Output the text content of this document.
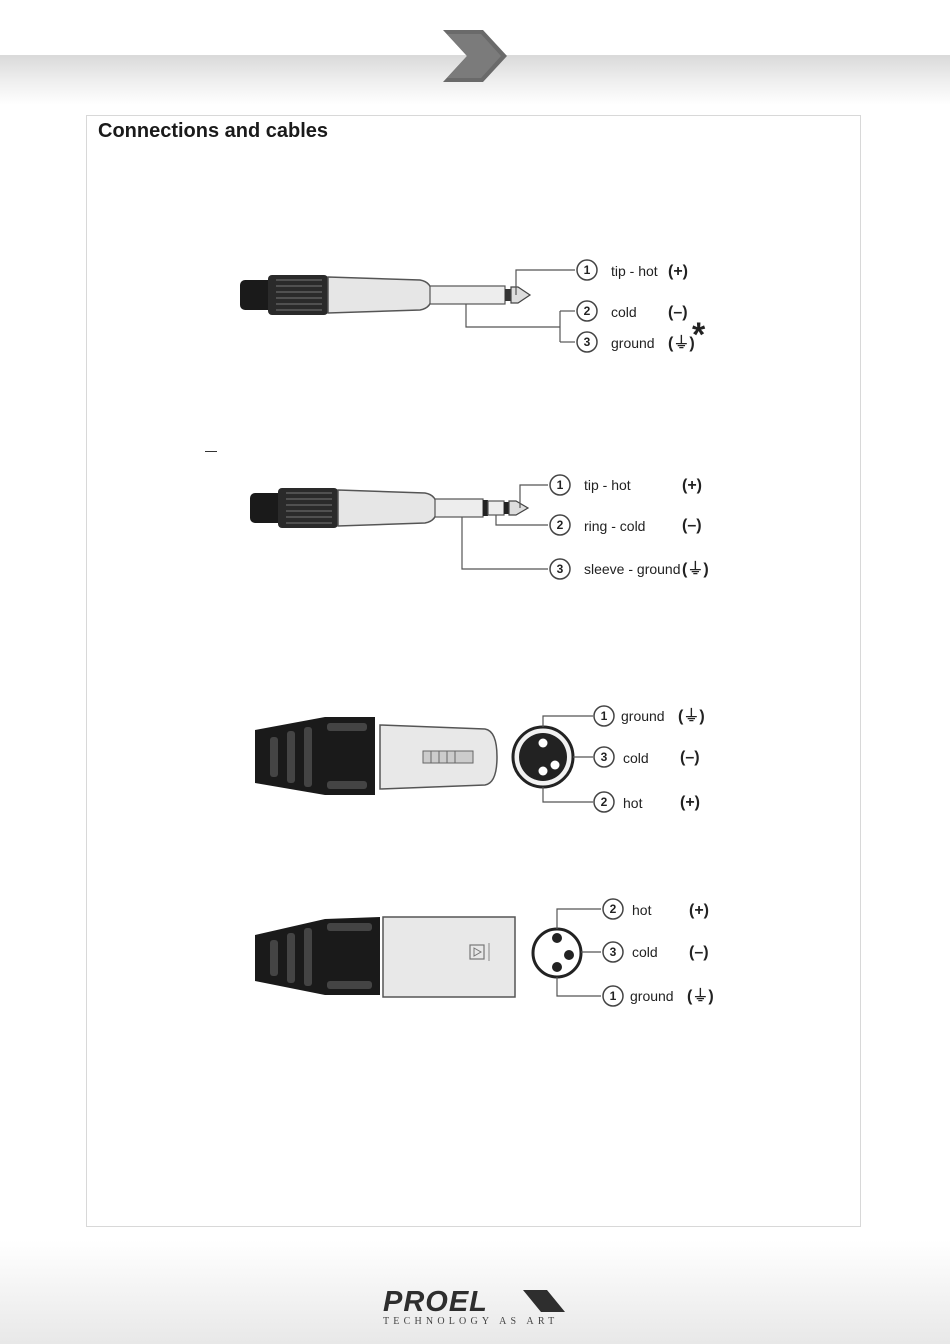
Connections and cables
1 tip - hot (+)
2 cold (–)
3 ground (⏚)
*
1 tip - hot	(+)
2 ring - cold (–)
3 sleeve - ground (⏚)
1 ground (⏚)
3 cold (–)
2 hot (+)
2 hot (+)
3 cold (–)
1 ground (⏚)
PROEL
TECHNOLOGY AS ART
